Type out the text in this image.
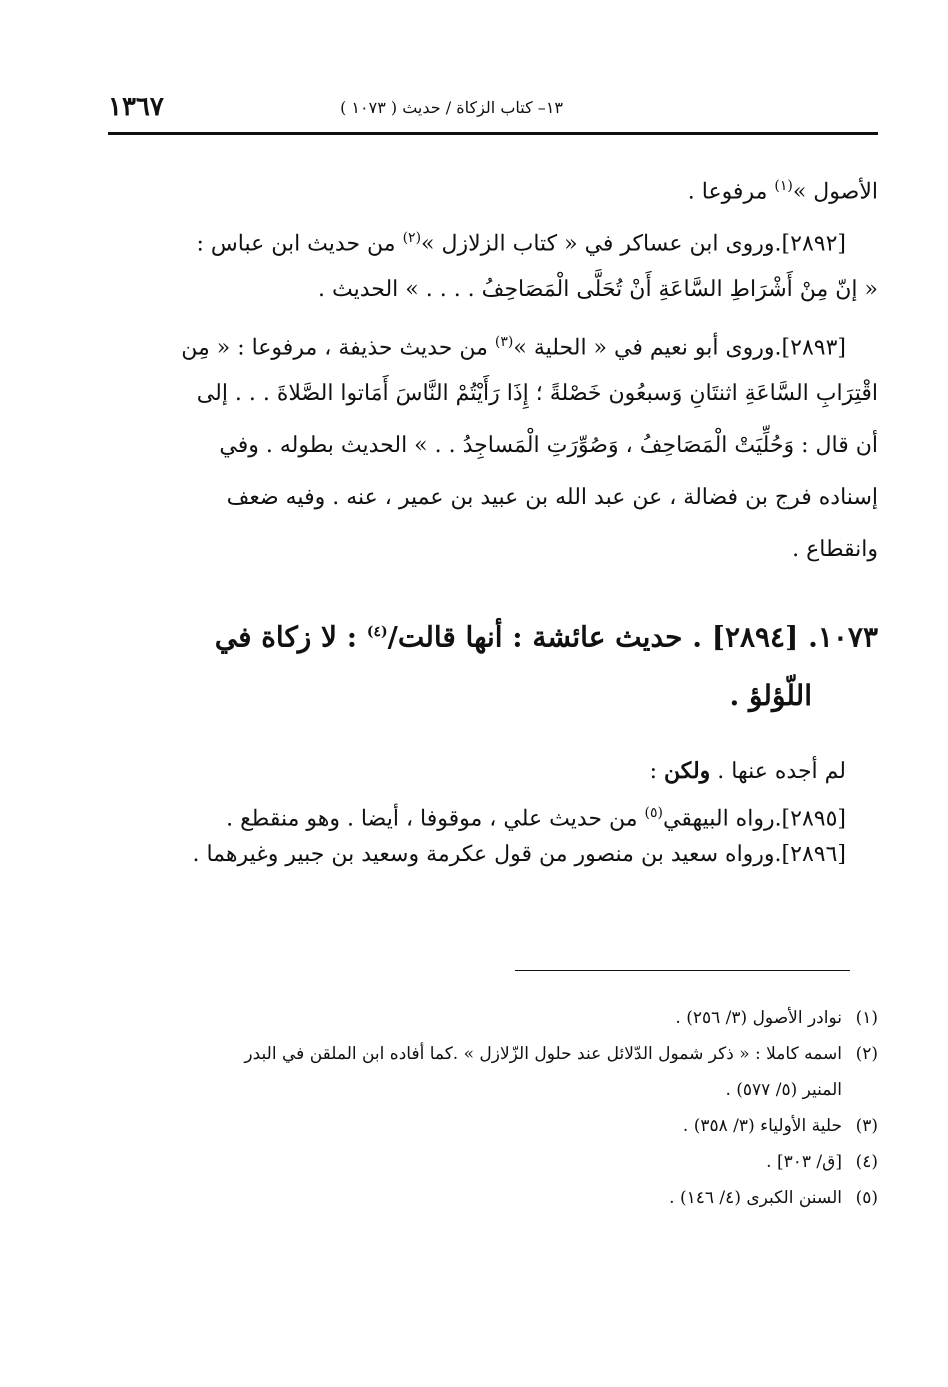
١٣– كتاب الزكاة / حديث ( ١٠٧٣ )
١٣٦٧
الأصول »$^{(١)}$ مرفوعا .
[٢٨٩٢].وروى ابن عساكر في « كتاب الزلازل »$^{(٢)}$ من حديث ابن عباس :
« إنّ مِنْ أَشْرَاطِ السَّاعَةِ أَنْ تُحَلَّى الْمَصَاحِفُ . . . . » الحديث .
[٢٨٩٣].وروى أبو نعيم في « الحلية »$^{(٣)}$ من حديث حذيفة ، مرفوعا : « مِن
اقْتِرَابِ السَّاعَةِ اثنتَانِ وَسبعُون خَصْلةً ؛ إِذَا رَأَيْتُمْ النَّاسَ أَمَاتوا الصَّلاةَ . . . إلى
أن قال : وَحُلِّيَتْ الْمَصَاحِفُ ، وَصُوِّرَتِ الْمَساجِدُ . . » الحديث بطوله . وفي
إسناده فرج بن فضالة ، عن عبد الله بن عبيد بن عمير ، عنه . وفيه ضعف
وانقطاع .
١٠٧٣. [٢٨٩٤] . حديث عائشة : أنها قالت/$^{(٤)}$ : لا زكاة في
اللّؤلؤ .
لم أجده عنها . ولكن :
[٢٨٩٥].رواه البيهقي$^{(٥)}$ من حديث علي ، موقوفا ، أيضا . وهو منقطع .
[٢٨٩٦].ورواه سعيد بن منصور من قول عكرمة وسعيد بن جبير وغيرهما .
(١)نوادر الأصول (٣/ ٢٥٦) .
(٢)اسمه كاملا : « ذكر شمول الدّلائل عند حلول الزّلازل » .كما أفاده ابن الملقن في البدر
المنير (٥/ ٥٧٧) .
(٣)حلية الأولياء (٣/ ٣٥٨) .
(٤)[ق/ ٣٠٣] .
(٥)السنن الكبرى (٤/ ١٤٦) .
